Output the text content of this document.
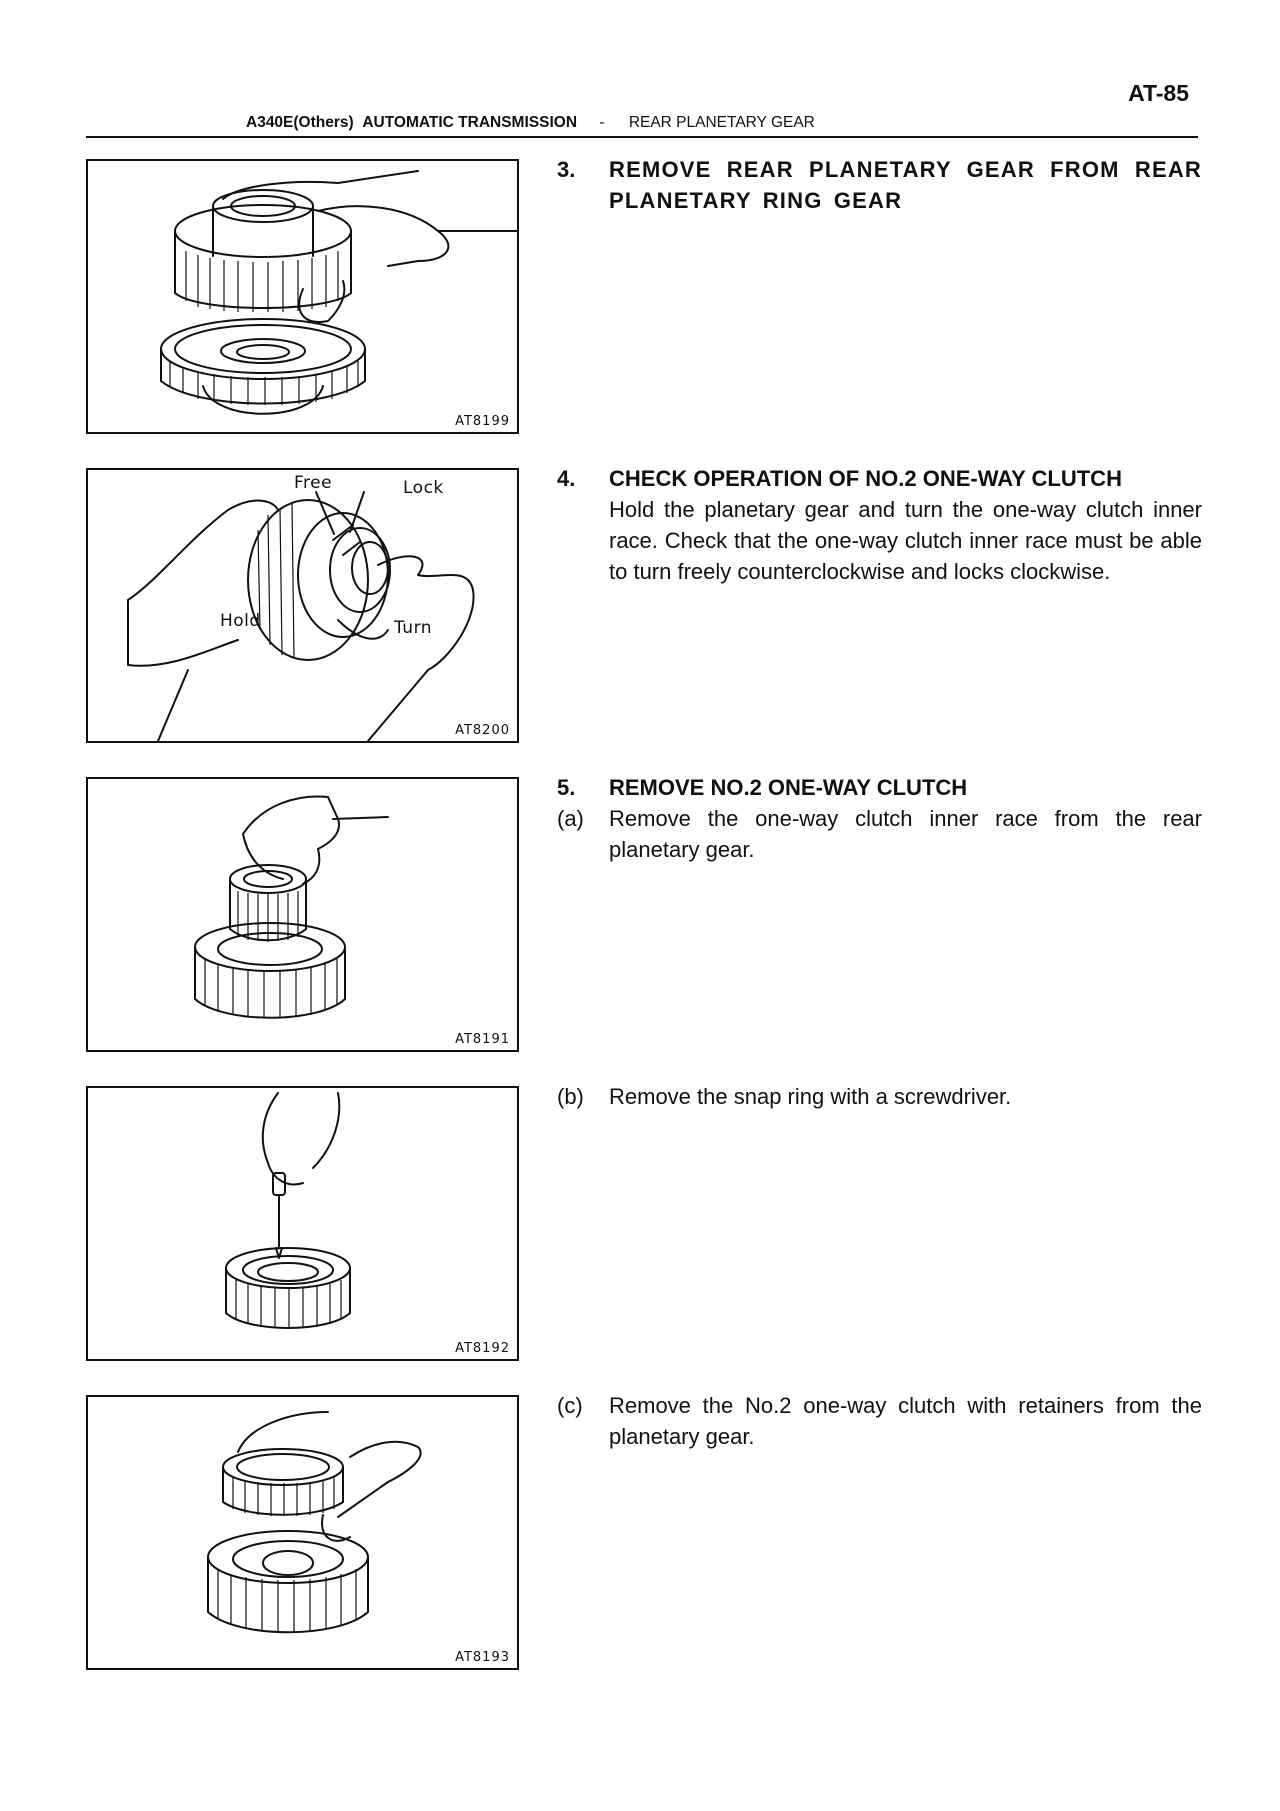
AT-85
A340E(Others) AUTOMATIC TRANSMISSION - REAR PLANETARY GEAR
AT8199
Free	Lock
Hold	Turn
AT8200
AT8191
AT8192
AT8193
3.	REMOVE REAR PLANETARY GEAR FROM REAR PLANETARY RING GEAR
4.	CHECK OPERATION OF NO.2 ONE-WAY CLUTCH
Hold the planetary gear and turn the one-way clutch inner race. Check that the one-way clutch inner race must be able to turn freely counterclockwise and locks clockwise.
5.	REMOVE NO.2 ONE-WAY CLUTCH
(a)	Remove the one-way clutch inner race from the rear planetary gear.
(b)	Remove the snap ring with a screwdriver.
(c)	Remove the No.2 one-way clutch with retainers from the planetary gear.
